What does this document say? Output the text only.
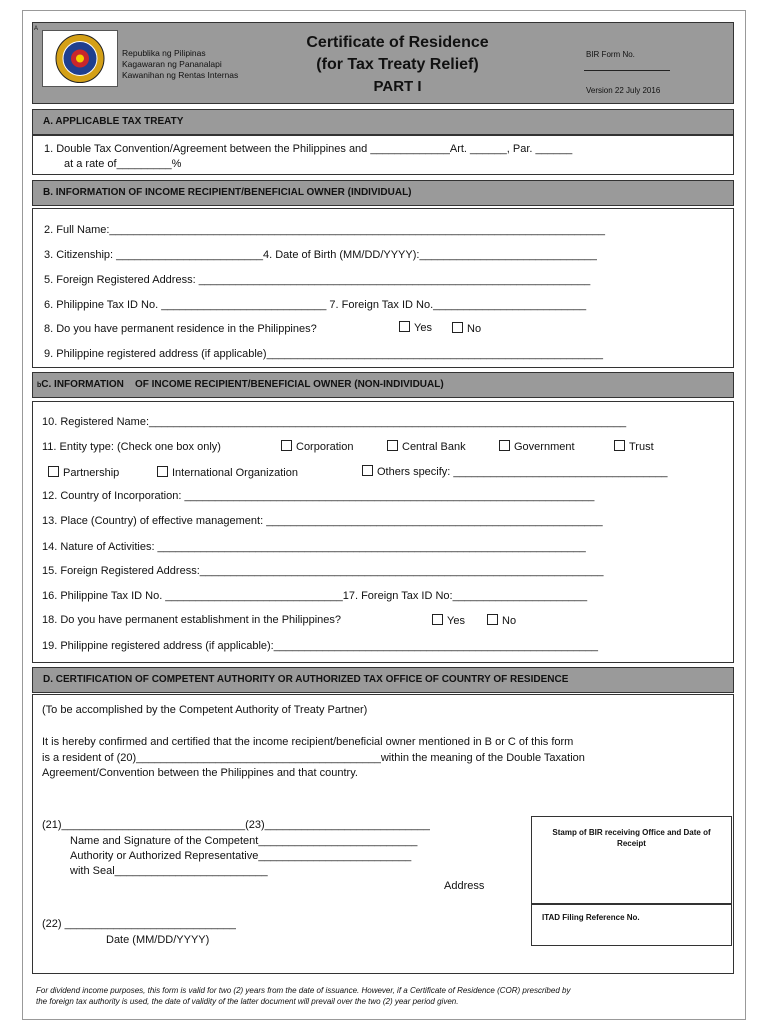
A
Republika ng Pilipinas
Kagawaran ng Pananalapi
Kawanihan ng Rentas Internas
Certificate of Residence
(for Tax Treaty Relief)
PART I
BIR Form No.
Version 22 July 2016
A. APPLICABLE TAX TREATY
1. Double Tax Convention/Agreement between the Philippines and _____________Art. ______, Par. ______
at a rate of_________%
B. INFORMATION OF INCOME RECIPIENT/BENEFICIAL OWNER (INDIVIDUAL)
2. Full Name:_________________________________________________________________________________
3. Citizenship: ________________________4. Date of Birth (MM/DD/YYYY):_____________________________
5. Foreign Registered Address: ________________________________________________________________
6. Philippine Tax ID No. ___________________________ 7. Foreign Tax ID No._________________________
8. Do you have permanent residence in the Philippines?	Yes	No
9. Philippine registered address (if applicable)_______________________________________________________
bC. INFORMATION    OF INCOME RECIPIENT/BENEFICIAL OWNER (NON-INDIVIDUAL)
10. Registered Name:______________________________________________________________________________
11. Entity type: (Check one box only)	Corporation	Central Bank	Government	Trust
Partnership	International Organization	Others specify: ___________________________________
12. Country of Incorporation: ___________________________________________________________________
13. Place (Country) of effective management: _______________________________________________________
14. Nature of Activities: ______________________________________________________________________
15. Foreign Registered Address:__________________________________________________________________
16. Philippine Tax ID No. _____________________________17. Foreign Tax ID No:______________________
18. Do you have permanent establishment in the Philippines?	Yes	No
19. Philippine registered address (if applicable):_____________________________________________________
D. CERTIFICATION OF COMPETENT AUTHORITY OR AUTHORIZED TAX OFFICE OF COUNTRY OF RESIDENCE
(To be accomplished by the Competent Authority of Treaty Partner)
It is hereby confirmed and certified that the income recipient/beneficial owner mentioned in B or C of this form
is a resident of (20)________________________________________within the meaning of the Double Taxation
Agreement/Convention between the Philippines and that country.
(21)______________________________(23)___________________________
Name and Signature of the Competent__________________________
Authority or Authorized Representative_________________________
with Seal_________________________
Address
(22) ____________________________
Date (MM/DD/YYYY)
Stamp of BIR receiving Office and Date of Receipt
ITAD Filing Reference No.
For dividend income purposes, this form is valid for two (2) years from the date of issuance. However, if a Certificate of Residence (COR) prescribed by
the foreign tax authority is used, the date of validity of the latter document will prevail over the two (2) year period given.
